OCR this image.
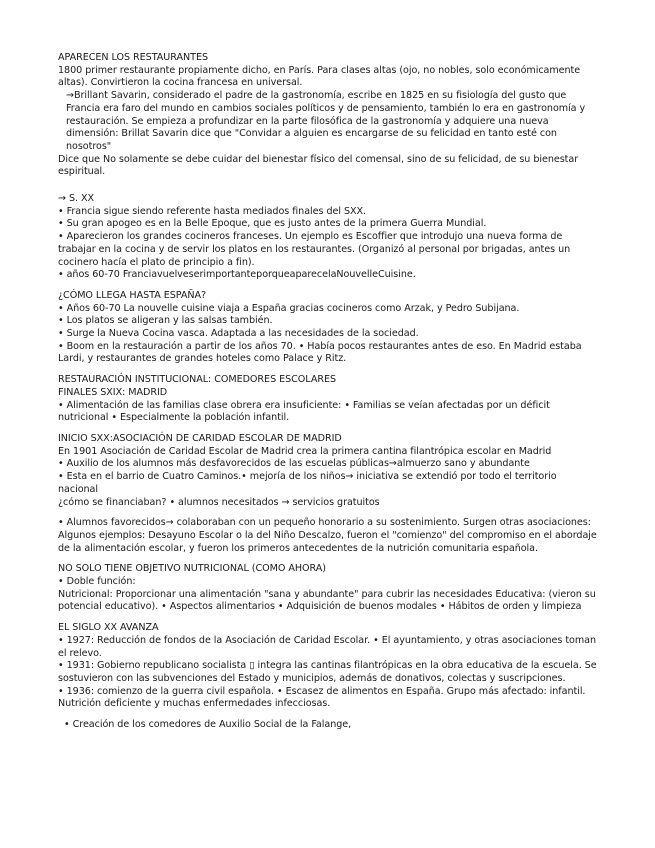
APARECEN LOS RESTAURANTES

1800 primer restaurante propiamente dicho, en París. Para clases altas (ojo, no nobles, solo económicamente altas). Convirtieron la cocina francesa en universal.

→Brillant Savarin, considerado el padre de la gastronomía, escribe en 1825 en su fisiología del gusto que Francia era faro del mundo en cambios sociales políticos y de pensamiento, también lo era en gastronomía y restauración. Se empieza a profundizar en la parte filosófica de la gastronomía y adquiere una nueva dimensión: Brillat Savarin dice que "Convidar a alguien es encargarse de su felicidad en tanto esté con nosotros"

Dice que No solamente se debe cuidar del bienestar físico del comensal, sino de su felicidad, de su bienestar espiritual.

→ S. XX

• Francia sigue siendo referente hasta mediados finales del SXX.

• Su gran apogeo es en la Belle Epoque, que es justo antes de la primera Guerra Mundial.

• Aparecieron los grandes cocineros franceses. Un ejemplo es Escoffier que introdujo una nueva forma de trabajar en la cocina y de servir los platos en los restaurantes. (Organizó al personal por brigadas, antes un cocinero hacía el plato de principio a fin).

• años 60-70 FranciavuelveserimportanteporqueaparecelaNouvelleCuisine.

¿CÓMO LLEGA HASTA ESPAÑA?

• Años 60-70 La nouvelle cuisine viaja a España gracias cocineros como Arzak, y Pedro Subijana.

• Los platos se aligeran y las salsas también.

• Surge la Nueva Cocina vasca. Adaptada a las necesidades de la sociedad.

• Boom en la restauración a partir de los años 70. • Había pocos restaurantes antes de eso. En Madrid estaba Lardi, y restaurantes de grandes hoteles como Palace y Ritz.

RESTAURACIÓN INSTITUCIONAL: COMEDORES ESCOLARES

FINALES SXIX: MADRID

• Alimentación de las familias clase obrera era insuficiente: • Familias se veían afectadas por un déficit nutricional • Especialmente la población infantil.

INICIO SXX:ASOCIACIÓN DE CARIDAD ESCOLAR DE MADRID

En 1901 Asociación de Caridad Escolar de Madrid crea la primera cantina filantrópica escolar en Madrid

• Auxilio de los alumnos más desfavorecidos de las escuelas públicas→almuerzo sano y abundante

• Esta en el barrio de Cuatro Caminos.• mejoría de los niños→ iniciativa se extendió por todo el territorio nacional

¿cómo se financiaban? • alumnos necesitados → servicios gratuitos

• Alumnos favorecidos→ colaboraban con un pequeño honorario a su sostenimiento. Surgen otras asociaciones: Algunos ejemplos: Desayuno Escolar o la del Niño Descalzo, fueron el "comienzo" del compromiso en el abordaje de la alimentación escolar, y fueron los primeros antecedentes de la nutrición comunitaria española.

NO SOLO TIENE OBJETIVO NUTRICIONAL (COMO AHORA)

• Doble función:

Nutricional: Proporcionar una alimentación "sana y abundante" para cubrir las necesidades Educativa: (vieron su potencial educativo). • Aspectos alimentarios • Adquisición de buenos modales • Hábitos de orden y limpieza

EL SIGLO XX AVANZA

• 1927: Reducción de fondos de la Asociación de Caridad Escolar. • El ayuntamiento, y otras asociaciones toman el relevo.

• 1931: Gobierno republicano socialista ▯ integra las cantinas filantrópicas en la obra educativa de la escuela. Se sostuvieron con las subvenciones del Estado y municipios, además de donativos, colectas y suscripciones.

• 1936: comienzo de la guerra civil española. • Escasez de alimentos en España. Grupo más afectado: infantil. Nutrición deficiente y muchas enfermedades infecciosas.

• Creación de los comedores de Auxilio Social de la Falange,
